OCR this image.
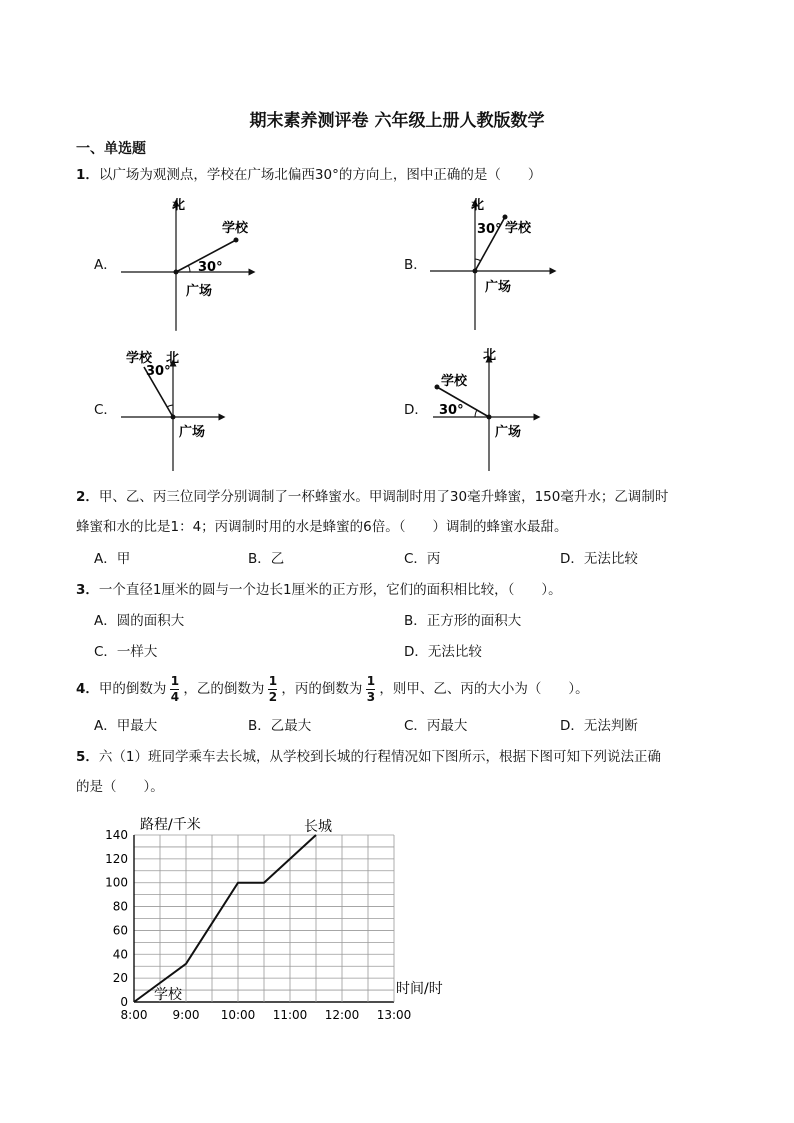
期末素养测评卷 六年级上册人教版数学
一、单选题
1．以广场为观测点，学校在广场北偏西30°的方向上，图中正确的是（　　）
A．
北
学校
广场
30°	B．
北
学校
广场
30°
C．
学校 北
30°
广场
D．
北
学校
30°
广场
2．甲、乙、丙三位同学分别调制了一杯蜂蜜水。甲调制时用了30毫升蜂蜜，150毫升水；乙调制时
蜂蜜和水的比是1：4；丙调制时用的水是蜂蜜的6倍。（　　）调制的蜂蜜水最甜。
A．甲	B．乙	C．丙	D．无法比较
3．一个直径1厘米的圆与一个边长1厘米的正方形，它们的面积相比较，（　　）。
A．圆的面积大	B．正方形的面积大
C．一样大	D．无法比较
4．甲的倒数为 $\frac{1}{4}$ ，乙的倒数为 $\frac{1}{2}$ ，丙的倒数为 $\frac{1}{3}$ ，则甲、乙、丙的大小为（　　）。
A．甲最大	B．乙最大	C．丙最大	D．无法判断
5．六（1）班同学乘车去长城，从学校到长城的行程情况如下图所示，根据下图可知下列说法正确
的是（　　）。
0
20
40
60
80
100
120
140
8:00 9:00 10:00 11:00 12:00 13:00
路程/千米
时间/时
学校
长城
